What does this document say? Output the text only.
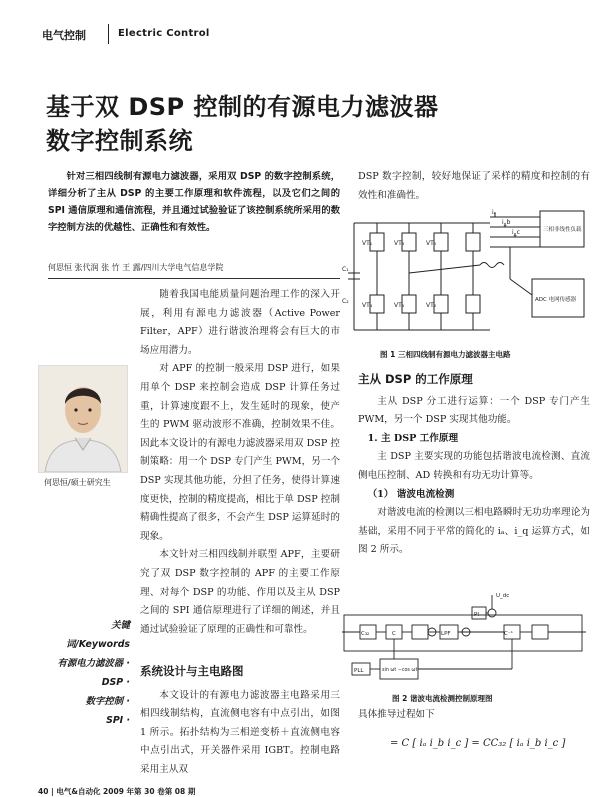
电气控制	Electric Control
基于双 DSP 控制的有源电力滤波器
数字控制系统
针对三相四线制有源电力滤波器，采用双 DSP 的数字控制系统，详细分析了主从 DSP 的主要工作原理和软件流程，以及它们之间的 SPI 通信原理和通信流程，并且通过试验验证了该控制系统所采用的数字控制方法的优越性、正确性和有效性。
何思恒 张代润 张 竹 王 露/四川大学电气信息学院
何思恒/硕士研究生
关键词/Keywords
有源电力滤波器 ·
DSP ·
数字控制 ·
SPI ·

随着我国电能质量问题治理工作的深入开展，利用有源电力滤波器（Active Power Filter，APF）进行谐波治理将会有巨大的市场应用潜力。

对 APF 的控制一般采用 DSP 进行，如果用单个 DSP 来控制会造成 DSP 计算任务过重，计算速度跟不上，发生延时的现象，使产生的 PWM 驱动波形不准确，控制效果不佳。因此本文设计的有源电力滤波器采用双 DSP 控制策略：用一个 DSP 专门产生 PWM，另一个 DSP 实现其他功能，分担了任务，使得计算速度更快，控制的精度提高，相比于单 DSP 控制精确性提高了很多，不会产生 DSP 运算延时的现象。

本文针对三相四线制并联型 APF，主要研究了双 DSP 数字控制的 APF 的主要工作原理、对每个 DSP 的功能、作用以及主从 DSP 之间的 SPI 通信原理进行了详细的阐述，并且通过试验验证了原理的正确性和可靠性。

系统设计与主电路图

本文设计的有源电力滤波器主电路采用三相四线制结构，直流侧电容有中点引出，如图 1 所示。拓扑结构为三相逆变桥＋直流侧电容中点引出式，开关器件采用 IGBT。控制电路采用主从双

DSP 数字控制，较好地保证了采样的精度和控制的有效性和准确性。

C₁
C₂
VT₁	VT₃	VT₅
VT₄	VT₆	VT₂
iₐ
i_b
i_c	三相非线性负载
ADC 电网传感器
图 1 三相四线制有源电力滤波器主电路
主从 DSP 的工作原理

主从 DSP 分工进行运算：一个 DSP 专门产生 PWM，另一个 DSP 实现其他功能。

1. 主 DSP 工作原理

主 DSP 主要实现的功能包括谐波电流检测、直流侧电压控制、AD 转换和有功无功计算等。

（1） 谐波电流检测

对谐波电流的检测以三相电路瞬时无功功率理论为基础，采用不同于平常的简化的 iₐ、i_q 运算方式，如图 2 所示。

C₃₂	C	LPF
PI
C⁻¹
U_dc
PLL	sin ωt −cos ωt
图 2 谐波电流检测控制原理图

具体推导过程如下

= C [ iₐ i_b i_c ] = CC₃₂ [ iₐ i_b i_c ]
40 | 电气&自动化 2009 年第 30 卷第 08 期
